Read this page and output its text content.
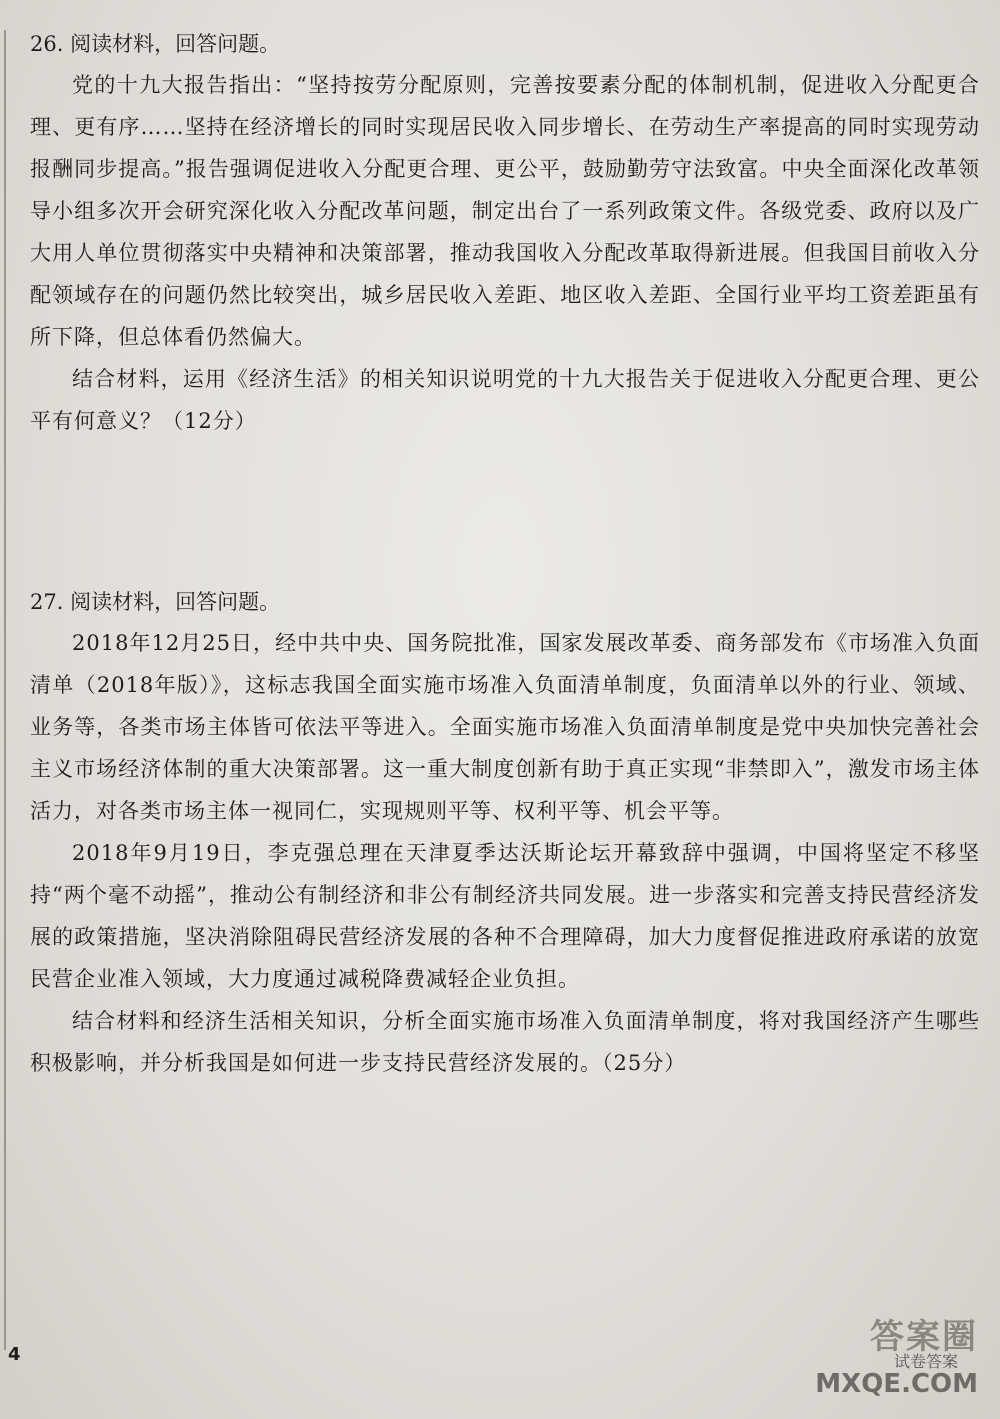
26. 阅读材料，回答问题。

党的十九大报告指出：“坚持按劳分配原则，完善按要素分配的体制机制，促进收入分配更合理、更有序……坚持在经济增长的同时实现居民收入同步增长、在劳动生产率提高的同时实现劳动报酬同步提高。”报告强调促进收入分配更合理、更公平，鼓励勤劳守法致富。中央全面深化改革领导小组多次开会研究深化收入分配改革问题，制定出台了一系列政策文件。各级党委、政府以及广大用人单位贯彻落实中央精神和决策部署，推动我国收入分配改革取得新进展。但我国目前收入分配领域存在的问题仍然比较突出，城乡居民收入差距、地区收入差距、全国行业平均工资差距虽有所下降，但总体看仍然偏大。

结合材料，运用《经济生活》的相关知识说明党的十九大报告关于促进收入分配更合理、更公平有何意义？（12分）

27. 阅读材料，回答问题。

2018年12月25日，经中共中央、国务院批准，国家发展改革委、商务部发布《市场准入负面清单（2018年版）》，这标志我国全面实施市场准入负面清单制度，负面清单以外的行业、领域、业务等，各类市场主体皆可依法平等进入。全面实施市场准入负面清单制度是党中央加快完善社会主义市场经济体制的重大决策部署。这一重大制度创新有助于真正实现“非禁即入”，激发市场主体活力，对各类市场主体一视同仁，实现规则平等、权利平等、机会平等。

2018年9月19日，李克强总理在天津夏季达沃斯论坛开幕致辞中强调，中国将坚定不移坚持“两个毫不动摇”，推动公有制经济和非公有制经济共同发展。进一步落实和完善支持民营经济发展的政策措施，坚决消除阻碍民营经济发展的各种不合理障碍，加大力度督促推进政府承诺的放宽民营企业准入领域，大力度通过减税降费减轻企业负担。

结合材料和经济生活相关知识，分析全面实施市场准入负面清单制度，将对我国经济产生哪些积极影响，并分析我国是如何进一步支持民营经济发展的。（25分）

4	答案圈
试卷答案
MXQE.COM
